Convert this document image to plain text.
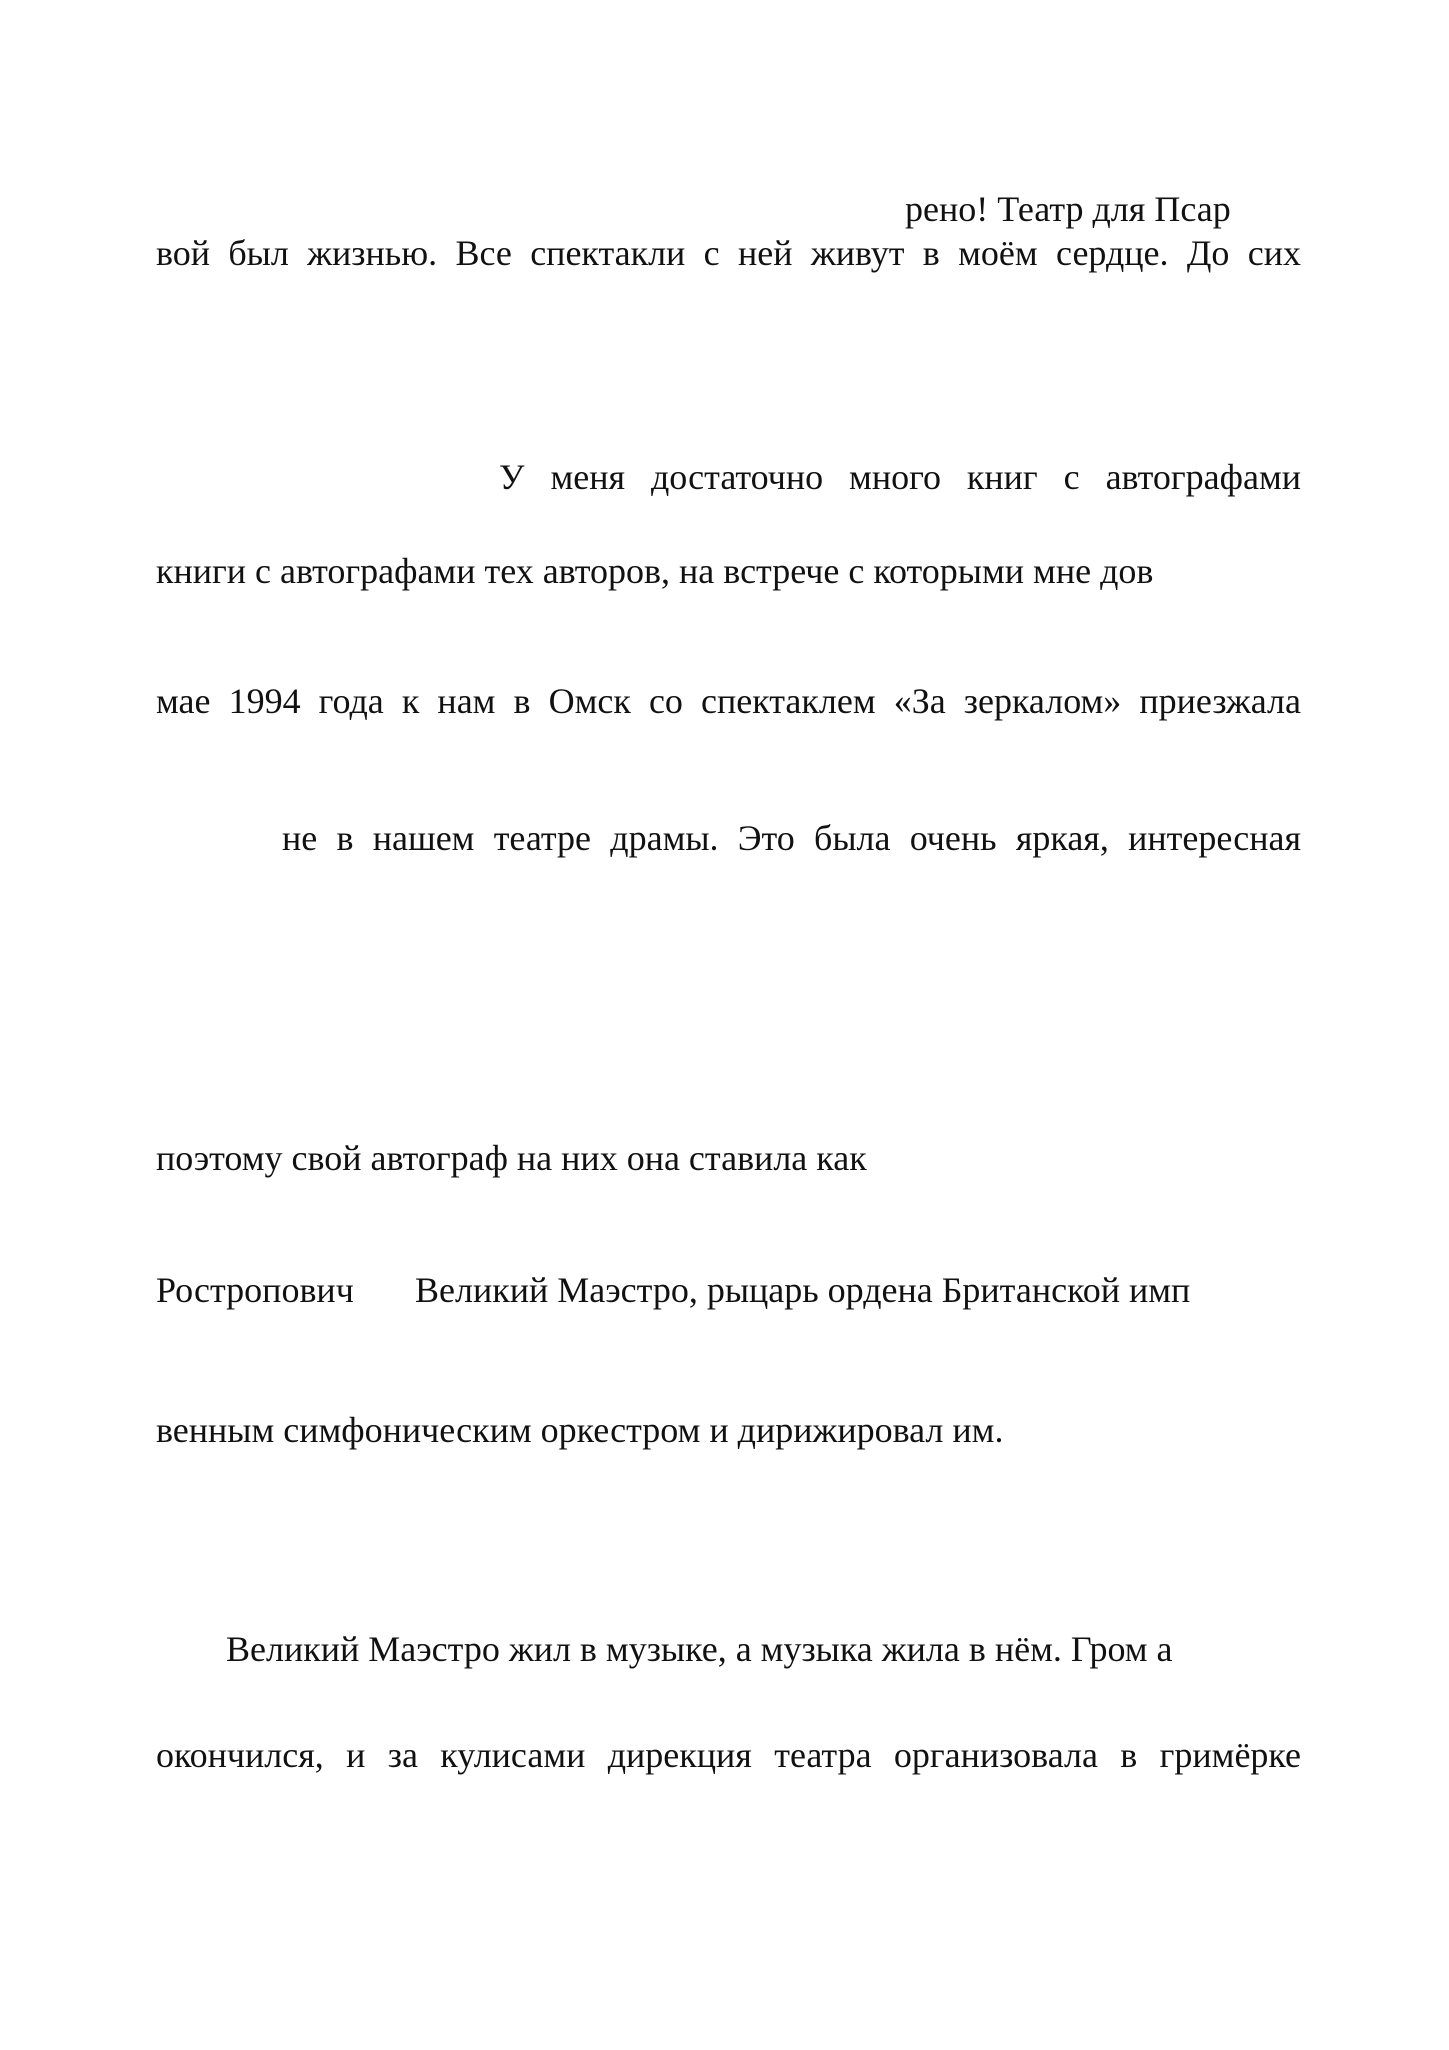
рено! Театр для Псар
вой был жизнью. Все спектакли с ней живут в моём сердце. До сих
У меня достаточно много книг с автографами
книги с автографами тех авторов, на встрече с которыми мне дов
мае 1994 года к нам в Омск со спектаклем «За зеркалом» приезжала
не в нашем театре драмы. Это была очень яркая, интересная
поэтому свой автограф на них она ставила как
Ростропович Великий Маэстро, рыцарь ордена Британской имп
венным симфоническим оркестром и дирижировал им.
Великий Маэстро жил в музыке, а музыка жила в нём. Гром а
окончился, и за кулисами дирекция театра организовала в гримёрке
